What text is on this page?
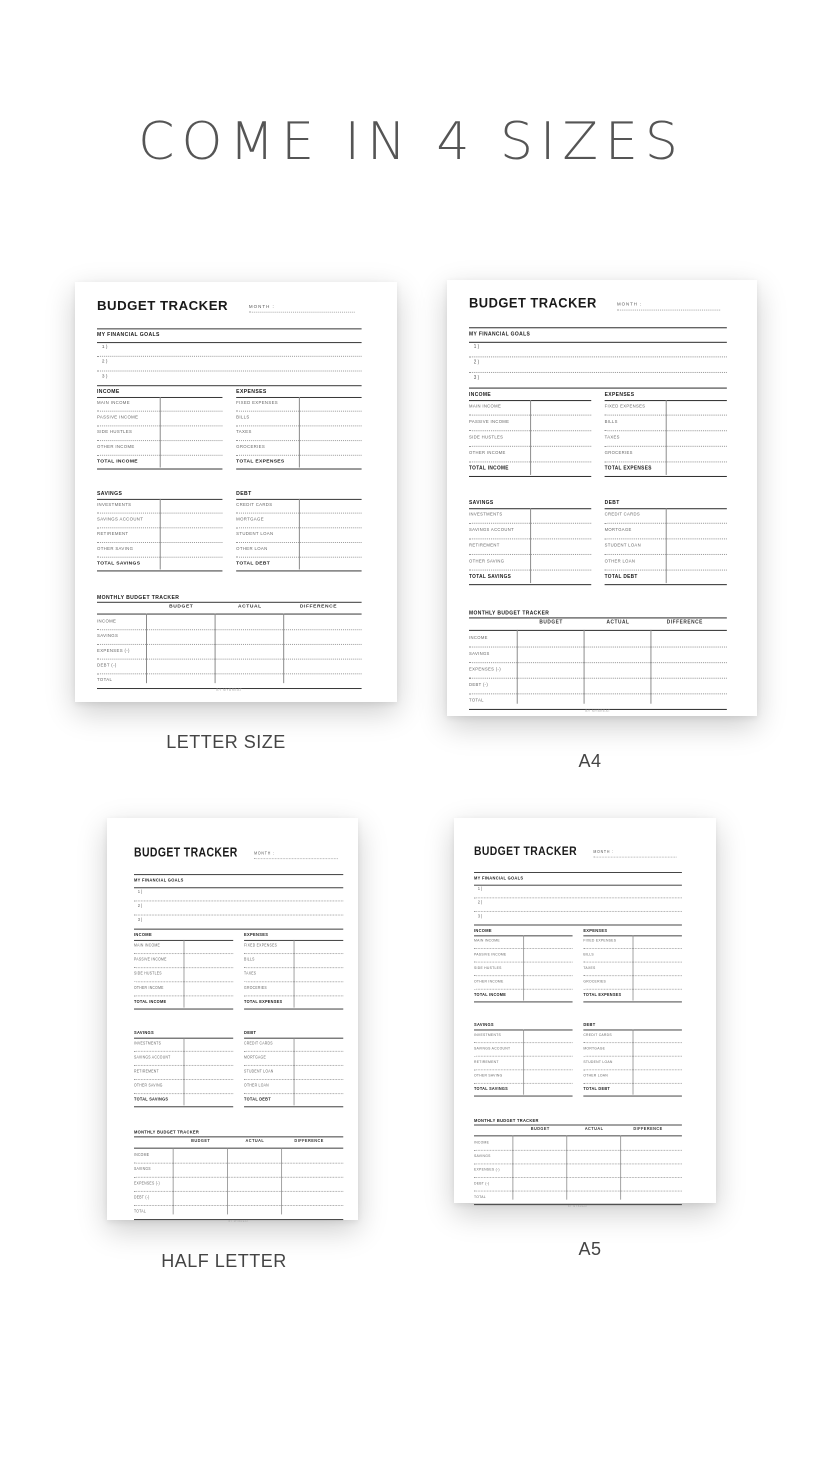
COME IN 4 SIZES
BUDGET TRACKER	MONTH :
MY FINANCIAL GOALS
1 )
2 )
3 )
INCOME
MAIN INCOME
PASSIVE INCOME
SIDE HUSTLES
OTHER INCOME
TOTAL INCOME
EXPENSES
FIXED EXPENSES
BILLS
TAXES
GROCERIES
TOTAL EXPENSES
SAVINGS
INVESTMENTS
SAVINGS ACCOUNT
RETIREMENT
OTHER SAVING
TOTAL SAVINGS
DEBT
CREDIT CARDS
MORTGAGE
STUDENT LOAN
OTHER LOAN
TOTAL DEBT
MONTHLY BUDGET TRACKER
BUDGET	ACTUAL	DIFFERENCE
INCOME
SAVINGS
EXPENSES (-)
DEBT (-)
TOTAL
BY MYBREAT
BUDGET TRACKER	MONTH :
MY FINANCIAL GOALS
1 )
2 )
3 )
INCOME
MAIN INCOME
PASSIVE INCOME
SIDE HUSTLES
OTHER INCOME
TOTAL INCOME
EXPENSES
FIXED EXPENSES
BILLS
TAXES
GROCERIES
TOTAL EXPENSES
SAVINGS
INVESTMENTS
SAVINGS ACCOUNT
RETIREMENT
OTHER SAVING
TOTAL SAVINGS
DEBT
CREDIT CARDS
MORTGAGE
STUDENT LOAN
OTHER LOAN
TOTAL DEBT
MONTHLY BUDGET TRACKER
BUDGET	ACTUAL	DIFFERENCE
INCOME
SAVINGS
EXPENSES (-)
DEBT (-)
TOTAL
BY MYBREAT
BUDGET TRACKER	MONTH :
MY FINANCIAL GOALS
1 )
2 )
3 )
INCOME
MAIN INCOME
PASSIVE INCOME
SIDE HUSTLES
OTHER INCOME
TOTAL INCOME
EXPENSES
FIXED EXPENSES
BILLS
TAXES
GROCERIES
TOTAL EXPENSES
SAVINGS
INVESTMENTS
SAVINGS ACCOUNT
RETIREMENT
OTHER SAVING
TOTAL SAVINGS
DEBT
CREDIT CARDS
MORTGAGE
STUDENT LOAN
OTHER LOAN
TOTAL DEBT
MONTHLY BUDGET TRACKER
BUDGET	ACTUAL	DIFFERENCE
INCOME
SAVINGS
EXPENSES (-)
DEBT (-)
TOTAL
BY MYBREAT
BUDGET TRACKER	MONTH :
MY FINANCIAL GOALS
1 )
2 )
3 )
INCOME
MAIN INCOME
PASSIVE INCOME
SIDE HUSTLES
OTHER INCOME
TOTAL INCOME
EXPENSES
FIXED EXPENSES
BILLS
TAXES
GROCERIES
TOTAL EXPENSES
SAVINGS
INVESTMENTS
SAVINGS ACCOUNT
RETIREMENT
OTHER SAVING
TOTAL SAVINGS
DEBT
CREDIT CARDS
MORTGAGE
STUDENT LOAN
OTHER LOAN
TOTAL DEBT
MONTHLY BUDGET TRACKER
BUDGET	ACTUAL	DIFFERENCE
INCOME
SAVINGS
EXPENSES (-)
DEBT (-)
TOTAL
BY MYBREAT
LETTER SIZE
A4
HALF LETTER
A5
